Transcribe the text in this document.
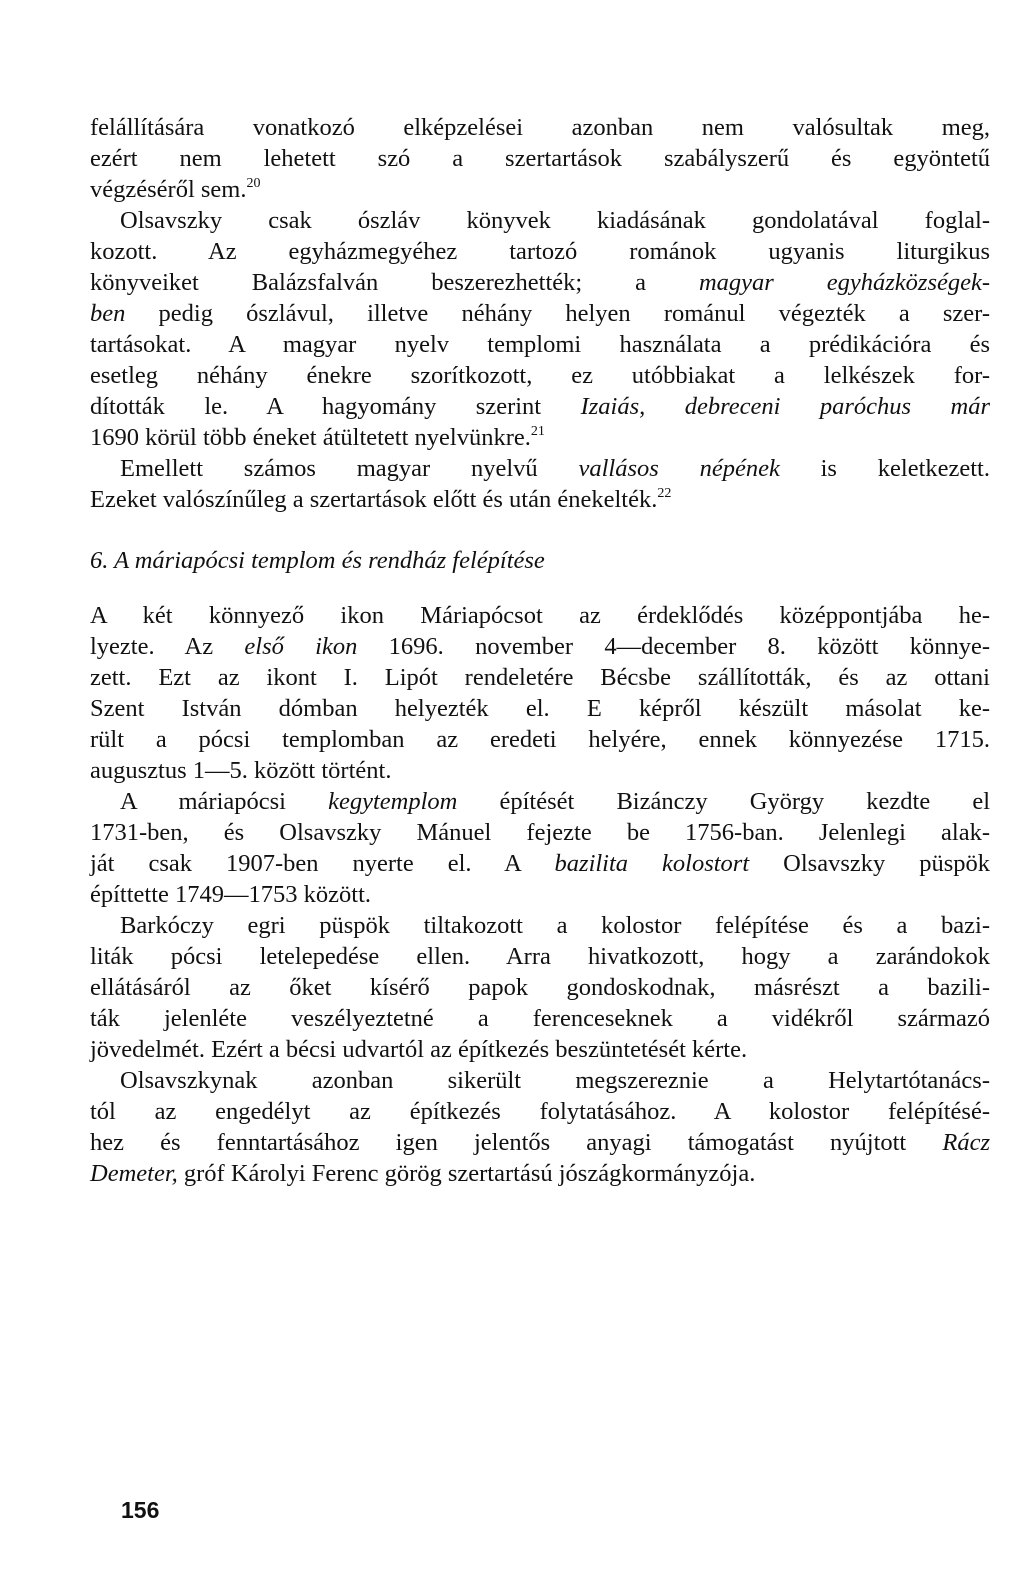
felállítására vonatkozó elképzelései azonban nem valósultak meg,
ezért nem lehetett szó a szertartások szabályszerű és egyöntetű
végzéséről sem.$^{20}$
Olsavszky csak ószláv könyvek kiadásának gondolatával foglal-
kozott. Az egyházmegyéhez tartozó románok ugyanis liturgikus
könyveiket Balázsfalván beszerezhették; a magyar egyházközségek-
ben pedig ószlávul, illetve néhány helyen románul végezték a szer-
tartásokat. A magyar nyelv templomi használata a prédikációra és
esetleg néhány énekre szorítkozott, ez utóbbiakat a lelkészek for-
dították le. A hagyomány szerint Izaiás, debreceni paróchus már
1690 körül több éneket átültetett nyelvünkre.$^{21}$
Emellett számos magyar nyelvű vallásos népének is keletkezett.
Ezeket valószínűleg a szertartások előtt és után énekelték.$^{22}$
6. A máriapócsi templom és rendház felépítése
A két könnyező ikon Máriapócsot az érdeklődés középpontjába he-
lyezte. Az első ikon 1696. november 4—december 8. között könnye-
zett. Ezt az ikont I. Lipót rendeletére Bécsbe szállították, és az ottani
Szent István dómban helyezték el. E képről készült másolat ke-
rült a pócsi templomban az eredeti helyére, ennek könnyezése 1715.
augusztus 1—5. között történt.
A máriapócsi kegytemplom építését Bizánczy György kezdte el
1731-ben, és Olsavszky Mánuel fejezte be 1756-ban. Jelenlegi alak-
ját csak 1907-ben nyerte el. A bazilita kolostort Olsavszky püspök
építtette 1749—1753 között.
Barkóczy egri püspök tiltakozott a kolostor felépítése és a bazi-
liták pócsi letelepedése ellen. Arra hivatkozott, hogy a zarándokok
ellátásáról az őket kísérő papok gondoskodnak, másrészt a bazili-
ták jelenléte veszélyeztetné a ferenceseknek a vidékről származó
jövedelmét. Ezért a bécsi udvartól az építkezés beszüntetését kérte.
Olsavszkynak azonban sikerült megszereznie a Helytartótanács-
tól az engedélyt az építkezés folytatásához. A kolostor felépítésé-
hez és fenntartásához igen jelentős anyagi támogatást nyújtott Rácz
Demeter, gróf Károlyi Ferenc görög szertartású jószágkormányzója.
156
